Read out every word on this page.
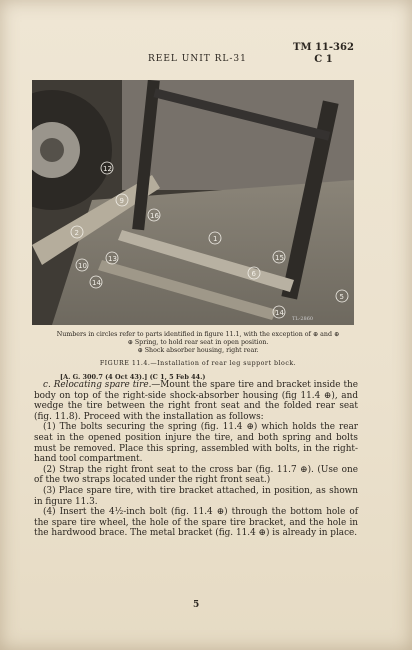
REEL UNIT RL-31
TM 11-362
C 1
12
9
16
2
10
13
14
1
6
15
14
5
TL-2860
Numbers in circles refer to parts identified in figure 11.1, with the exception of ⊕ and ⊕
⊕ Spring, to hold rear seat in open position.
⊕ Shock absorber housing, right rear.
FIGURE 11.4.—Installation of rear leg support block.
[A. G. 300.7 (4 Oct 43).] (C 1, 5 Feb 44.)

c. Relocating spare tire.—Mount the spare tire and bracket inside the body on top of the right-side shock-absorber housing (fig 11.4 ⊕), and wedge the tire between the right front seat and the folded rear seat (fig. 11.8). Proceed with the installation as follows:

(1) The bolts securing the spring (fig. 11.4 ⊕) which holds the rear seat in the opened position injure the tire, and both spring and bolts must be removed. Place this spring, assembled with bolts, in the right-hand tool compartment.

(2) Strap the right front seat to the cross bar (fig. 11.7 ⊕). (Use one of the two straps located under the right front seat.)

(3) Place spare tire, with tire bracket attached, in position, as shown in figure 11.3.

(4) Insert the 4½-inch bolt (fig. 11.4 ⊕) through the bottom hole of the spare tire wheel, the hole of the spare tire bracket, and the hole in the hardwood brace. The metal bracket (fig. 11.4 ⊕) is already in place.

5
